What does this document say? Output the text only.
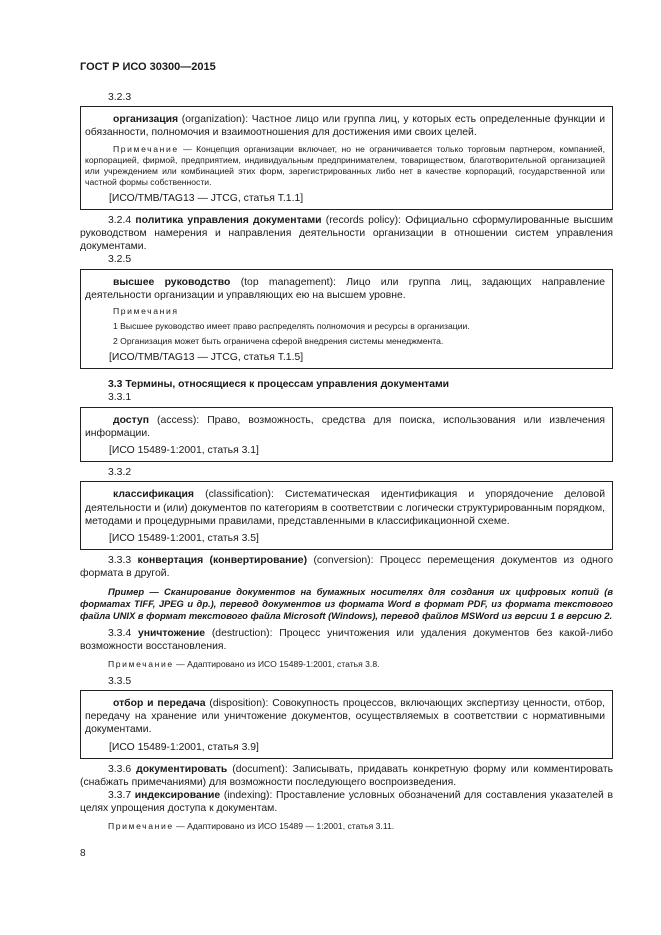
ГОСТ Р ИСО 30300—2015

3.2.3

организация (organization): Частное лицо или группа лиц, у которых есть определенные функции и обязанности, полномочия и взаимоотношения для достижения ими своих целей.

Примечание — Концепция организации включает, но не ограничивается только торговым партнером, компанией, корпорацией, фирмой, предприятием, индивидуальным предпринимателем, товариществом, благотворительной организацией или учреждением или комбинацией этих форм, зарегистрированных либо нет в качестве корпораций, государственной или частной формы собственности.

[ИСО/TMB/TAG13 — JTCG, статья Т.1.1]

3.2.4 политика управления документами (records policy): Официально сформулированные высшим руководством намерения и направления деятельности организации в отношении систем управления документами.

3.2.5

высшее руководство (top management): Лицо или группа лиц, задающих направление деятельности организации и управляющих ею на высшем уровне.

Примечания

1 Высшее руководство имеет право распределять полномочия и ресурсы в организации.

2 Организация может быть ограничена сферой внедрения системы менеджмента.

[ИСО/TMB/TAG13 — JTCG, статья Т.1.5]

3.3 Термины, относящиеся к процессам управления документами

3.3.1

доступ (access): Право, возможность, средства для поиска, использования или извлечения информации.

[ИСО 15489-1:2001, статья 3.1]

3.3.2

классификация (classification): Систематическая идентификация и упорядочение деловой деятельности и (или) документов по категориям в соответствии с логически структурированным порядком, методами и процедурными правилами, представленными в классификационной схеме.

[ИСО 15489-1:2001, статья 3.5]

3.3.3 конвертация (конвертирование) (conversion): Процесс перемещения документов из одного формата в другой.

Пример — Сканирование документов на бумажных носителях для создания их цифровых копий (в форматах TIFF, JPEG и др.), перевод документов из формата Word в формат PDF, из формата текстового файла UNIX в формат текстового файла Microsoft (Windows), перевод файлов MSWord из версии 1 в версию 2.

3.3.4 уничтожение (destruction): Процесс уничтожения или удаления документов без какой-либо возможности восстановления.

Примечание — Адаптировано из ИСО 15489-1:2001, статья 3.8.

3.3.5

отбор и передача (disposition): Совокупность процессов, включающих экспертизу ценности, отбор, передачу на хранение или уничтожение документов, осуществляемых в соответствии с нормативными документами.

[ИСО 15489-1:2001, статья 3.9]

3.3.6 документировать (document): Записывать, придавать конкретную форму или комментировать (снабжать примечаниями) для возможности последующего воспроизведения.

3.3.7 индексирование (indexing): Проставление условных обозначений для составления указателей в целях упрощения доступа к документам.

Примечание — Адаптировано из ИСО 15489 — 1:2001, статья 3.11.

8
